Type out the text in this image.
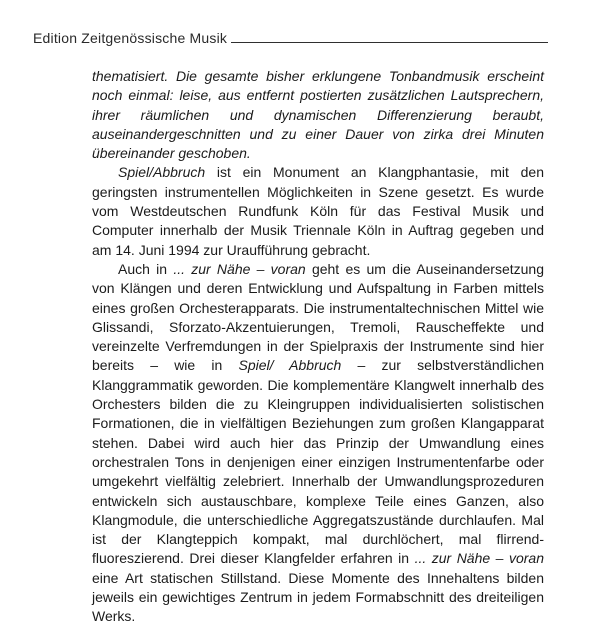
Edition Zeitgenössische Musik

thematisiert. Die gesamte bisher erklungene Tonbandmusik erscheint noch einmal: leise, aus entfernt postierten zusätzlichen Lautsprechern, ihrer räumlichen und dynamischen Differenzierung beraubt, auseinandergeschnitten und zu einer Dauer von zirka drei Minuten übereinander geschoben.

Spiel/Abbruch ist ein Monument an Klangphantasie, mit den geringsten instrumentellen Möglichkeiten in Szene gesetzt. Es wurde vom Westdeutschen Rundfunk Köln für das Festival Musik und Computer innerhalb der Musik Triennale Köln in Auftrag gegeben und am 14. Juni 1994 zur Uraufführung gebracht.

Auch in ... zur Nähe – voran geht es um die Auseinandersetzung von Klängen und deren Entwicklung und Aufspaltung in Farben mittels eines großen Orchesterapparats. Die instrumentaltechnischen Mittel wie Glissandi, Sforzato-Akzentuierungen, Tremoli, Rauscheffekte und vereinzelte Verfremdungen in der Spielpraxis der Instrumente sind hier bereits – wie in Spiel/ Abbruch – zur selbstverständlichen Klanggrammatik geworden. Die komplementäre Klangwelt innerhalb des Orchesters bilden die zu Kleingruppen individualisierten solistischen Formationen, die in vielfältigen Beziehungen zum großen Klangapparat stehen. Dabei wird auch hier das Prinzip der Umwandlung eines orchestralen Tons in denjenigen einer einzigen Instrumentenfarbe oder umgekehrt vielfältig zelebriert. Innerhalb der Umwandlungsprozeduren entwickeln sich austauschbare, komplexe Teile eines Ganzen, also Klangmodule, die unterschiedliche Aggregatszustände durchlaufen. Mal ist der Klangteppich kompakt, mal durchlöchert, mal flirrend-fluoreszierend. Drei dieser Klangfelder erfahren in ... zur Nähe – voran eine Art statischen Stillstand. Diese Momente des Innehaltens bilden jeweils ein gewichtiges Zentrum in jedem Formabschnitt des dreiteiligen Werks.
